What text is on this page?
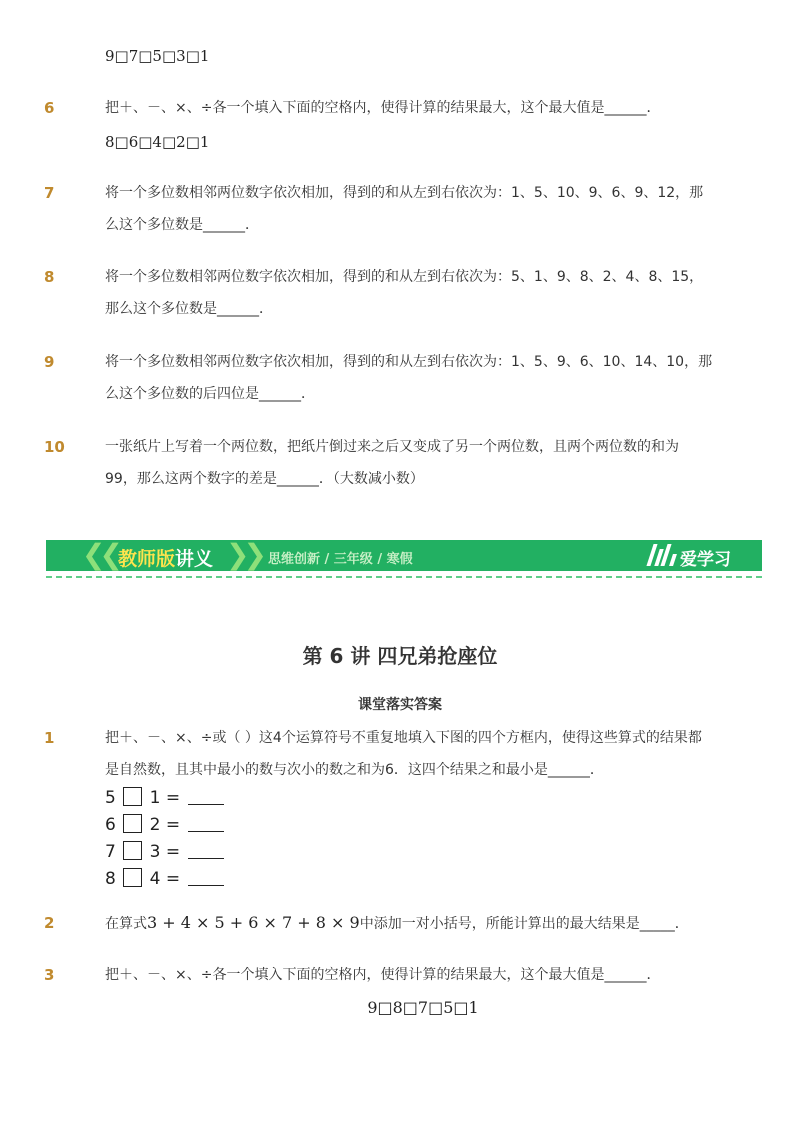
9□7□5□3□1
6	把＋、－、×、÷各一个填入下面的空格内，使得计算的结果最大，这个最大值是______．
8□6□4□2□1
7	将一个多位数相邻两位数字依次相加，得到的和从左到右依次为：1、5、10、9、6、9、12，那
么这个多位数是______．
8	将一个多位数相邻两位数字依次相加，得到的和从左到右依次为：5、1、9、8、2、4、8、15，
那么这个多位数是______．
9	将一个多位数相邻两位数字依次相加，得到的和从左到右依次为：1、5、9、6、10、14、10，那
么这个多位数的后四位是______．
10	一张纸片上写着一个两位数，把纸片倒过来之后又变成了另一个两位数，且两个两位数的和为
99，那么这两个数字的差是______．（大数减小数）
❮❮ 教师版讲义 ❯❯ 思维创新 / 三年级 / 寒假	爱学习
第 6 讲 四兄弟抢座位
课堂落实答案
1	把＋、－、×、÷或（ ）这4个运算符号不重复地填入下图的四个方框内，使得这些算式的结果都
是自然数，且其中最小的数与次小的数之和为6．这四个结果之和最小是______．
5 1 =
6 2 =
7 3 =
8 4 =
2	在算式3 + 4 × 5 + 6 × 7 + 8 × 9中添加一对小括号，所能计算出的最大结果是_____．
3	把＋、－、×、÷各一个填入下面的空格内，使得计算的结果最大，这个最大值是______．
9□8□7□5□1
